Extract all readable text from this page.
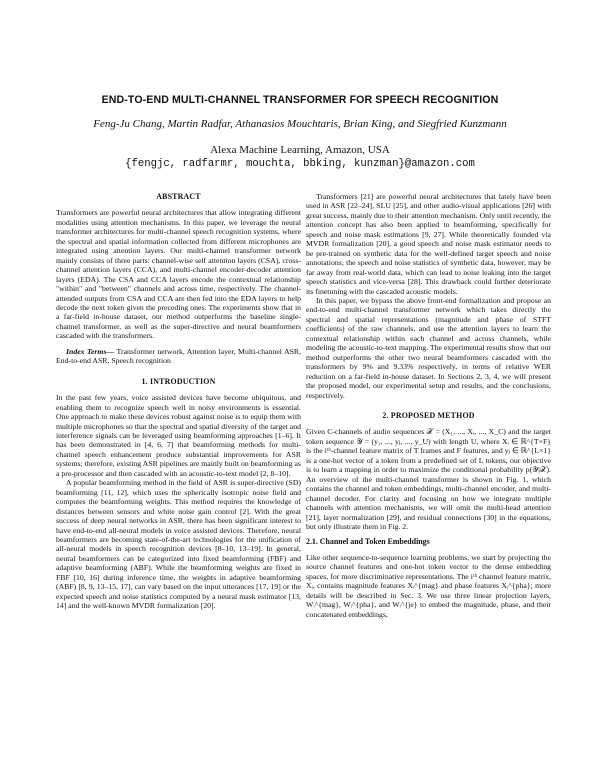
END-TO-END MULTI-CHANNEL TRANSFORMER FOR SPEECH RECOGNITION
Feng-Ju Chang, Martin Radfar, Athanasios Mouchtaris, Brian King, and Siegfried Kunzmann
Alexa Machine Learning, Amazon, USA
{fengjc, radfarmr, mouchta, bbking, kunzman}@amazon.com
ABSTRACT

Transformers are powerful neural architectures that allow integrating different modalities using attention mechanisms. In this paper, we leverage the neural transformer architectures for multi-channel speech recognition systems, where the spectral and spatial information collected from different microphones are integrated using attention layers. Our multi-channel transformer network mainly consists of three parts: channel-wise self attention layers (CSA), cross-channel attention layers (CCA), and multi-channel encoder-decoder attention layers (EDA). The CSA and CCA layers encode the contextual relationship "within" and "between" channels and across time, respectively. The channel-attended outputs from CSA and CCA are then fed into the EDA layers to help decode the next token given the preceding ones. The experiments show that in a far-field in-house dataset, our method outperforms the baseline single-channel transformer, as well as the super-directive and neural beamformers cascaded with the transformers.

Index Terms— Transformer network, Attention layer, Multi-channel ASR, End-to-end ASR, Speech recognition

1. INTRODUCTION

In the past few years, voice assisted devices have become ubiquitous, and enabling them to recognize speech well in noisy environments is essential. One approach to make these devices robust against noise is to equip them with multiple microphones so that the spectral and spatial diversity of the target and interference signals can be leveraged using beamforming approaches [1–6]. It has been demonstrated in [4, 6, 7] that beamforming methods for multi-channel speech enhancement produce substantial improvements for ASR systems; therefore, existing ASR pipelines are mainly built on beamforming as a pre-processor and then cascaded with an acoustic-to-text model [2, 8–10].

A popular beamforming method in the field of ASR is super-directive (SD) beamforming [11, 12], which uses the spherically isotropic noise field and computes the beamforming weights. This method requires the knowledge of distances between sensors and white noise gain control [2]. With the great success of deep neural networks in ASR, there has been significant interest to have end-to-end all-neural models in voice assisted devices. Therefore, neural beamformers are becoming state-of-the-art technologies for the unification of all-neural models in speech recognition devices [8–10, 13–19]. In general, neural beamformers can be categorized into fixed beamforming (FBF) and adaptive beamforming (ABF). While the beamforming weights are fixed in FBF [10, 16] during inference time, the weights in adaptive beamforming (ABF) [8, 9, 13–15, 17], can vary based on the input utterances [17, 19] or the expected speech and noise statistics computed by a neural mask estimator [13, 14] and the well-known MVDR formalization [20].

Transformers [21] are powerful neural architectures that lately have been used in ASR [22–24], SLU [25], and other audio-visual applications [26] with great success, mainly due to their attention mechanism. Only until recently, the attention concept has also been applied to beamforming, specifically for speech and noise mask estimations [9, 27]. While theoretically founded via MVDR formalization [20], a good speech and noise mask estimator needs to be pre-trained on synthetic data for the well-defined target speech and noise annotations; the speech and noise statistics of synthetic data, however, may be far away from real-world data, which can lead to noise leaking into the target speech statistics and vice-versa [28]. This drawback could further deteriorate its finetuning with the cascaded acoustic models.

In this paper, we bypass the above front-end formalization and propose an end-to-end multi-channel transformer network which takes directly the spectral and spatial representations (magnitude and phase of STFT coefficients) of the raw channels, and use the attention layers to learn the contextual relationship within each channel and across channels, while modeling the acoustic-to-text mapping. The experimental results show that our method outperforms the other two neural beamformers cascaded with the transformers by 9% and 9.33% respectively, in terms of relative WER reduction on a far-field in-house dataset. In Sections 2, 3, 4, we will present the proposed model, our experimental setup and results, and the conclusions, respectively.

2. PROPOSED METHOD

Given C-channels of audio sequences 𝒳 = (X₁, ..., Xᵢ, ..., X_C) and the target token sequence 𝒴 = (y₁, ..., yⱼ, ..., y_U) with length U, where Xᵢ ∈ ℝ^{T×F} is the iᵗʰ-channel feature matrix of T frames and F features, and yⱼ ∈ ℝ^{L×1} is a one-hot vector of a token from a predefined set of L tokens, our objective is to learn a mapping in order to maximize the conditional probability p(𝒴|𝒳). An overview of the multi-channel transformer is shown in Fig. 1, which contains the channel and token embeddings, multi-channel encoder, and multi-channel decoder. For clarity and focusing on how we integrate multiple channels with attention mechanisms, we will omit the multi-head attention [21], layer normalization [29], and residual connections [30] in the equations, but only illustrate them in Fig. 2.

2.1. Channel and Token Embeddings

Like other sequence-to-sequence learning problems, we start by projecting the source channel features and one-hot token vector to the dense embedding spaces, for more discriminative representations. The iᵗʰ channel feature matrix, Xᵢ, contains magnitude features Xᵢ^{mag} and phase features Xᵢ^{pha}; more details will be described in Sec. 3. We use three linear projection layers, Wᵢ^{mag}, Wᵢ^{pha}, and Wᵢ^{je} to embed the magnitude, phase, and their concatenated embeddings,
